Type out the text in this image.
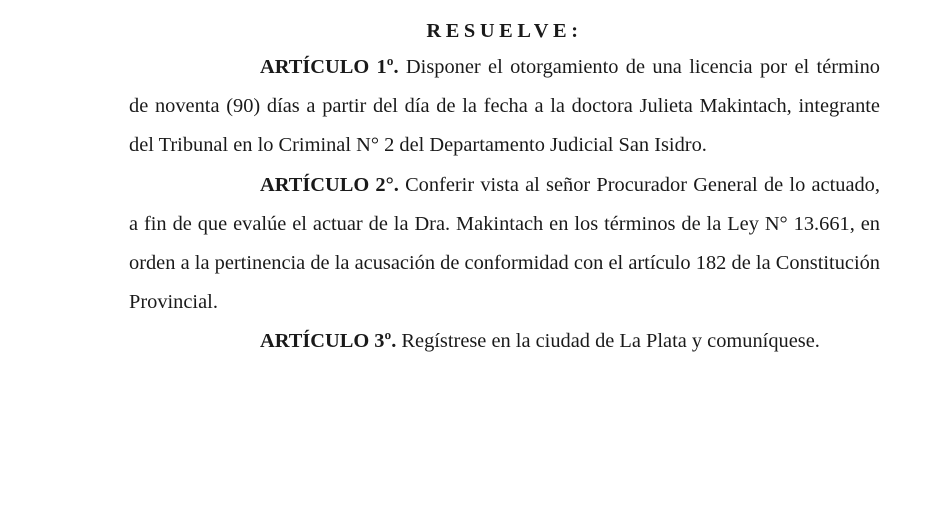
RESUELVE:

ARTÍCULO 1º. Disponer el otorgamiento de una licencia por el término de noventa (90) días a partir del día de la fecha a la doctora Julieta Makintach, integrante del Tribunal en lo Criminal N° 2 del Departamento Judicial San Isidro.

ARTÍCULO 2°. Conferir vista al señor Procurador General de lo actuado, a fin de que evalúe el actuar de la Dra. Makintach en los términos de la Ley N° 13.661, en orden a la pertinencia de la acusación de conformidad con el artículo 182 de la Constitución Provincial.

ARTÍCULO 3º. Regístrese en la ciudad de La Plata y comuníquese.
